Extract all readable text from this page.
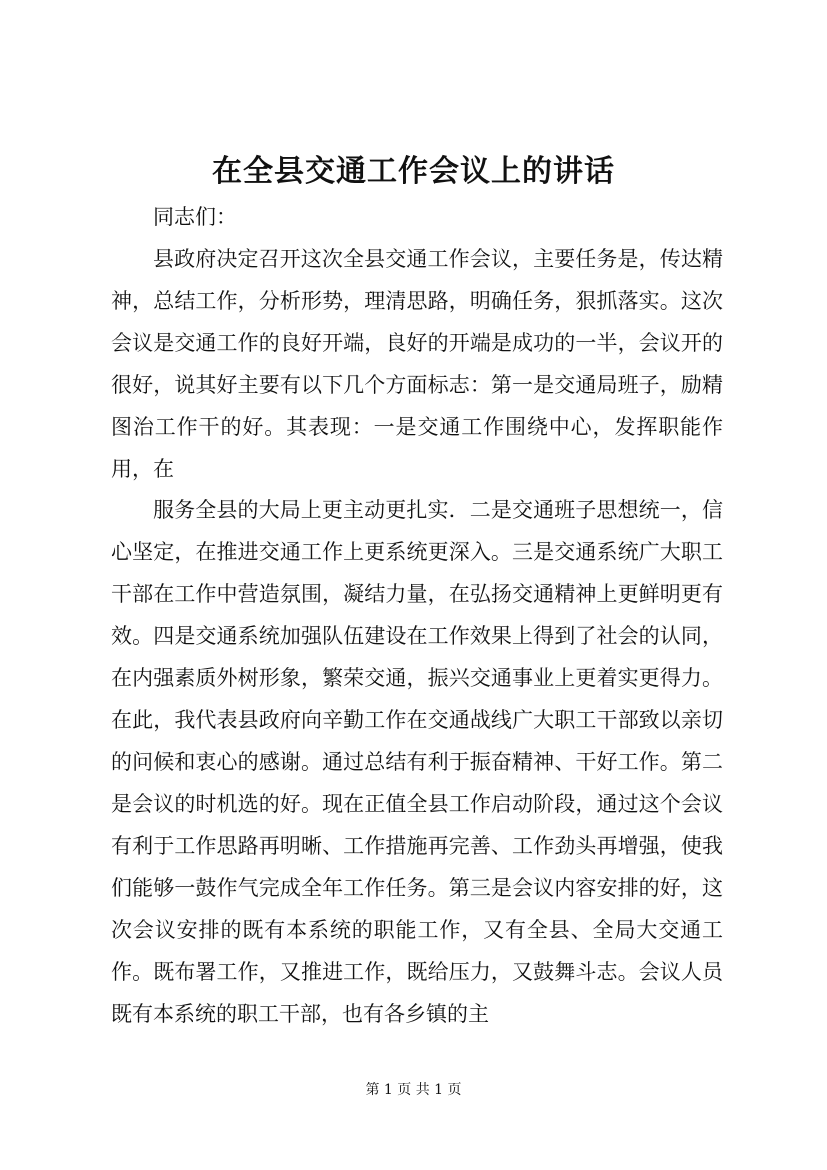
在全县交通工作会议上的讲话

同志们：

县政府决定召开这次全县交通工作会议，主要任务是，传达精神，总结工作，分析形势，理清思路，明确任务，狠抓落实。这次会议是交通工作的良好开端，良好的开端是成功的一半，会议开的很好，说其好主要有以下几个方面标志：第一是交通局班子，励精图治工作干的好。其表现：一是交通工作围绕中心，发挥职能作用，在

服务全县的大局上更主动更扎实．二是交通班子思想统一，信心坚定，在推进交通工作上更系统更深入。三是交通系统广大职工干部在工作中营造氛围，凝结力量，在弘扬交通精神上更鲜明更有效。四是交通系统加强队伍建设在工作效果上得到了社会的认同，在内强素质外树形象，繁荣交通，振兴交通事业上更着实更得力。在此，我代表县政府向辛勤工作在交通战线广大职工干部致以亲切的问候和衷心的感谢。通过总结有利于振奋精神、干好工作。第二是会议的时机选的好。现在正值全县工作启动阶段，通过这个会议有利于工作思路再明晰、工作措施再完善、工作劲头再增强，使我们能够一鼓作气完成全年工作任务。第三是会议内容安排的好，这次会议安排的既有本系统的职能工作，又有全县、全局大交通工作。既布署工作，又推进工作，既给压力，又鼓舞斗志。会议人员既有本系统的职工干部，也有各乡镇的主

第 1 页 共 1 页
